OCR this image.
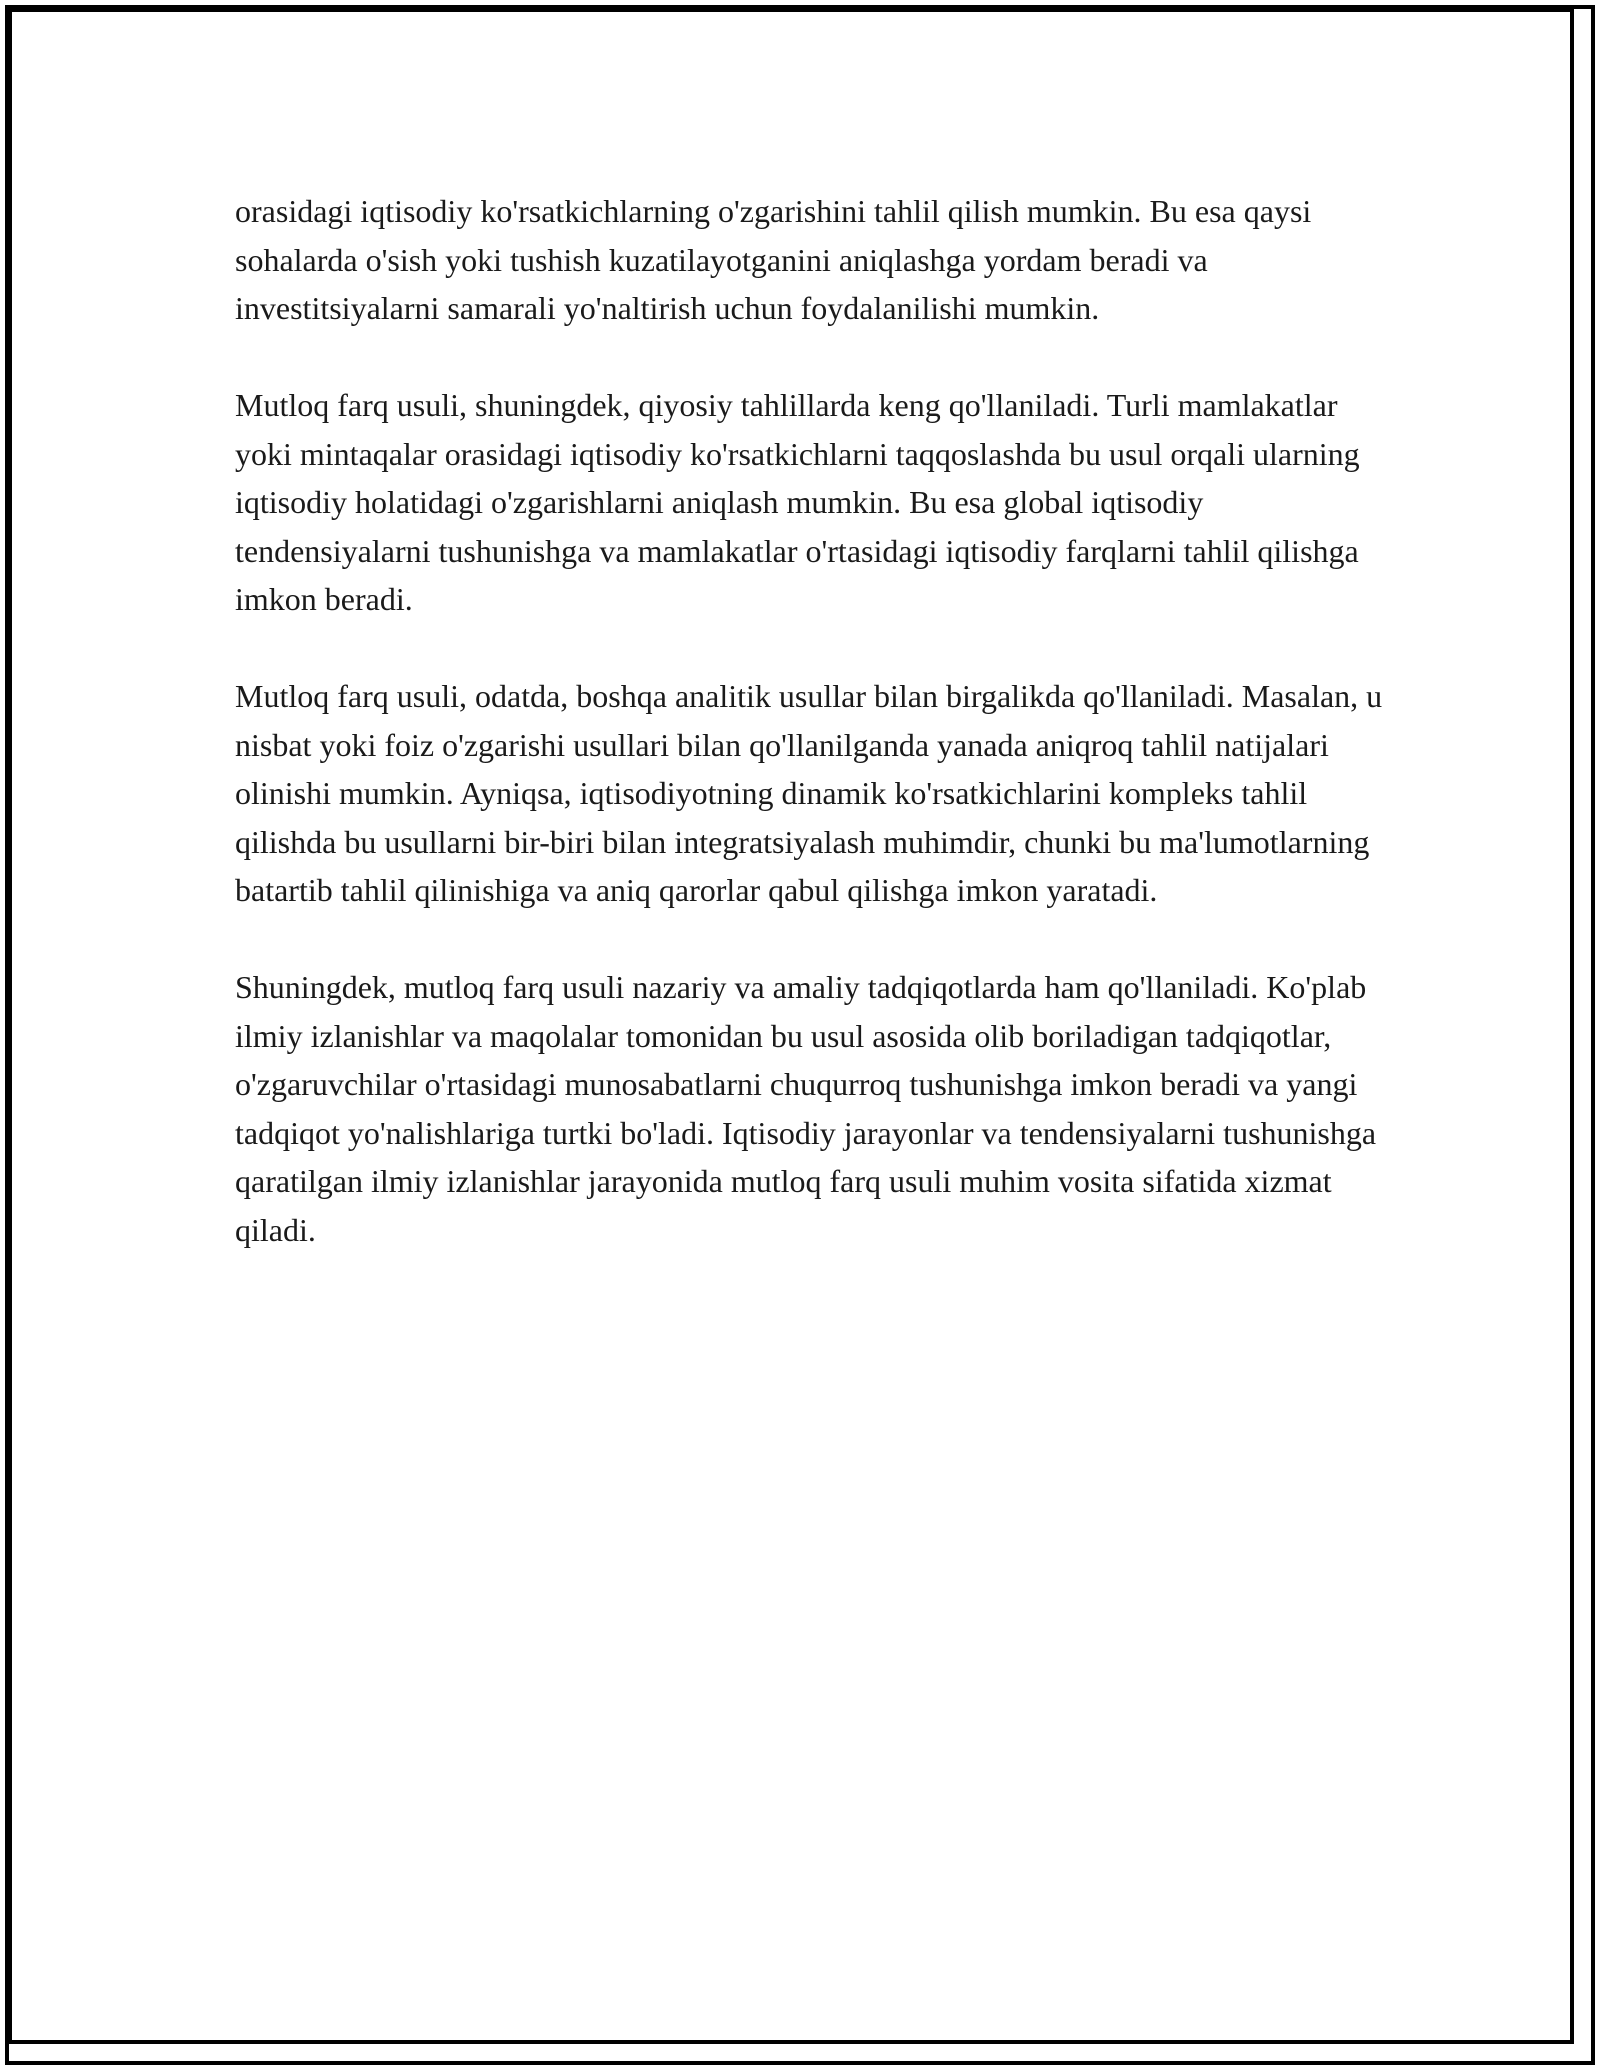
orasidagi iqtisodiy ko'rsatkichlarning o'zgarishini tahlil qilish mumkin. Bu esa qaysi sohalarda o'sish yoki tushish kuzatilayotganini aniqlashga yordam beradi va investitsiyalarni samarali yo'naltirish uchun foydalanilishi mumkin.

Mutloq farq usuli, shuningdek, qiyosiy tahlillarda keng qo'llaniladi. Turli mamlakatlar yoki mintaqalar orasidagi iqtisodiy ko'rsatkichlarni taqqoslashda bu usul orqali ularning iqtisodiy holatidagi o'zgarishlarni aniqlash mumkin. Bu esa global iqtisodiy tendensiyalarni tushunishga va mamlakatlar o'rtasidagi iqtisodiy farqlarni tahlil qilishga imkon beradi.

Mutloq farq usuli, odatda, boshqa analitik usullar bilan birgalikda qo'llaniladi. Masalan, u nisbat yoki foiz o'zgarishi usullari bilan qo'llanilganda yanada aniqroq tahlil natijalari olinishi mumkin. Ayniqsa, iqtisodiyotning dinamik ko'rsatkichlarini kompleks tahlil qilishda bu usullarni bir-biri bilan integratsiyalash muhimdir, chunki bu ma'lumotlarning batartib tahlil qilinishiga va aniq qarorlar qabul qilishga imkon yaratadi.

Shuningdek, mutloq farq usuli nazariy va amaliy tadqiqotlarda ham qo'llaniladi. Ko'plab ilmiy izlanishlar va maqolalar tomonidan bu usul asosida olib boriladigan tadqiqotlar, o'zgaruvchilar o'rtasidagi munosabatlarni chuqurroq tushunishga imkon beradi va yangi tadqiqot yo'nalishlariga turtki bo'ladi. Iqtisodiy jarayonlar va tendensiyalarni tushunishga qaratilgan ilmiy izlanishlar jarayonida mutloq farq usuli muhim vosita sifatida xizmat qiladi.
